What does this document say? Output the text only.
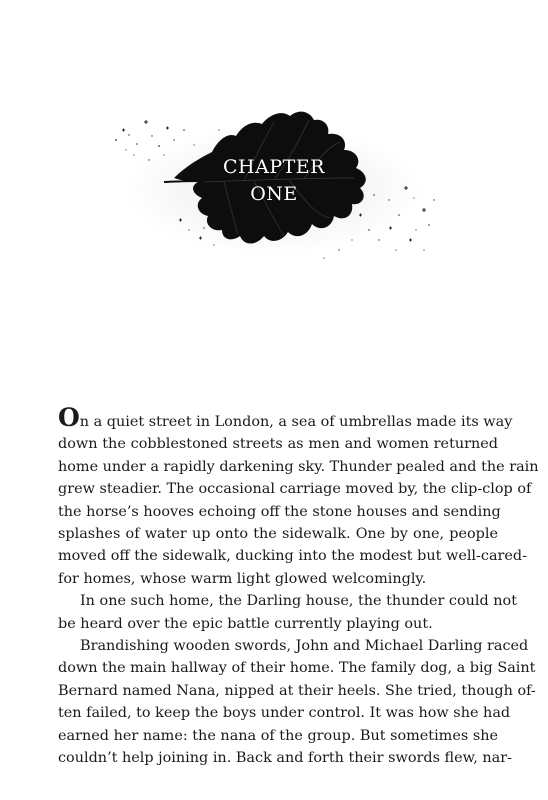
CHAPTER
ONE

On a quiet street in London, a sea of umbrellas made its way
down the cobblestoned streets as men and women returned
home under a rapidly darkening sky. Thunder pealed and the rain
grew steadier. The occasional carriage moved by, the clip-clop of
the horse’s hooves echoing off the stone houses and sending
splashes of water up onto the sidewalk. One by one, people
moved off the sidewalk, ducking into the modest but well-cared-
for homes, whose warm light glowed welcomingly.

In one such home, the Darling house, the thunder could not
be heard over the epic battle currently playing out.

Brandishing wooden swords, John and Michael Darling raced
down the main hallway of their home. The family dog, a big Saint
Bernard named Nana, nipped at their heels. She tried, though of-
ten failed, to keep the boys under control. It was how she had
earned her name: the nana of the group. But sometimes she
couldn’t help joining in. Back and forth their swords flew, nar-
